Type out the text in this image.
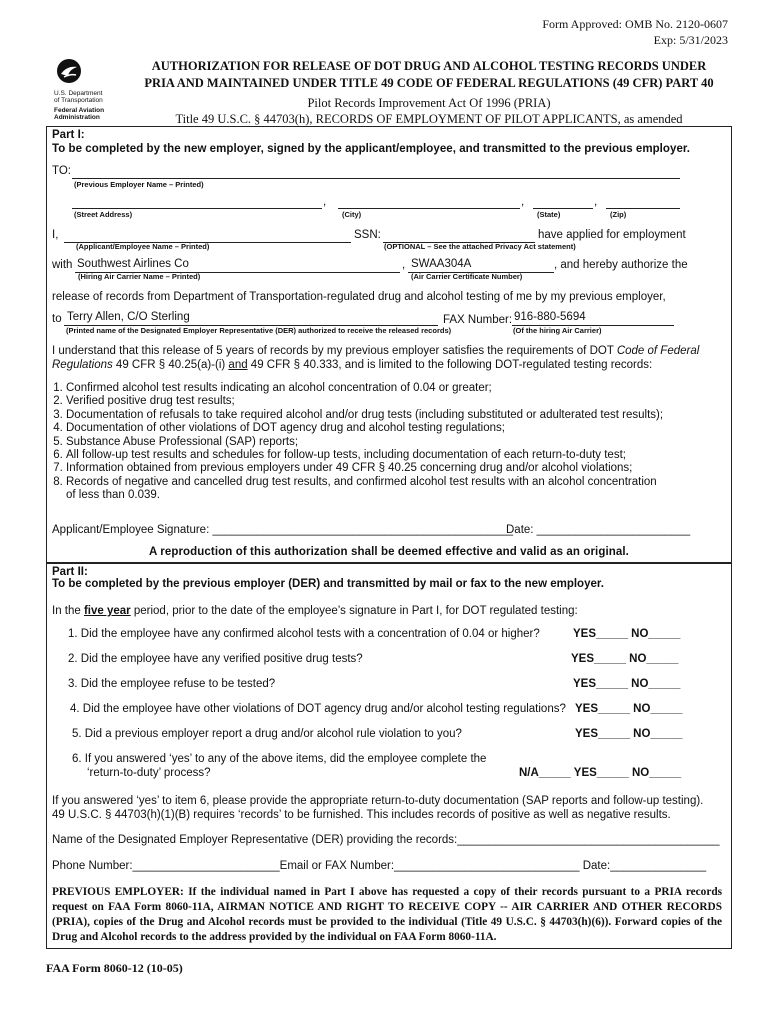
Form Approved: OMB No. 2120-0607
Exp: 5/31/2023
U.S. Department
of Transportation
Federal Aviation
Administration
AUTHORIZATION FOR RELEASE OF DOT DRUG AND ALCOHOL TESTING RECORDS UNDER
PRIA AND MAINTAINED UNDER TITLE 49 CODE OF FEDERAL REGULATIONS (49 CFR) PART 40
Pilot Records Improvement Act Of 1996 (PRIA)
Title 49 U.S.C. § 44703(h), RECORDS OF EMPLOYMENT OF PILOT APPLICANTS, as amended
Part I:
To be completed by the new employer, signed by the applicant/employee, and transmitted to the previous employer.
TO:
(Previous Employer Name – Printed)
,	,	,
(Street Address)	(City)	(State)	(Zip)
I,	SSN:	have applied for employment
(Applicant/Employee Name – Printed)	(OPTIONAL – See the attached Privacy Act statement)
with Southwest Airlines Co	, SWAA304A	, and hereby authorize the
(Hiring Air Carrier Name – Printed)	(Air Carrier Certificate Number)
release of records from Department of Transportation-regulated drug and alcohol testing of me by my previous employer,
to Terry Allen, C/O Sterling	FAX Number: 916-880-5694
(Printed name of the Designated Employer Representative (DER) authorized to receive the released records)	(Of the hiring Air Carrier)
I understand that this release of 5 years of records by my previous employer satisfies the requirements of DOT Code of Federal Regulations 49 CFR § 40.25(a)-(i) and 49 CFR § 40.333, and is limited to the following DOT-regulated testing records:
1. Confirmed alcohol test results indicating an alcohol concentration of 0.04 or greater;
2. Verified positive drug test results;
3. Documentation of refusals to take required alcohol and/or drug tests (including substituted or adulterated test results);
4. Documentation of other violations of DOT agency drug and alcohol testing regulations;
5. Substance Abuse Professional (SAP) reports;
6. All follow-up test results and schedules for follow-up tests, including documentation of each return-to-duty test;
7. Information obtained from previous employers under 49 CFR § 40.25 concerning drug and/or alcohol violations;
8. Records of negative and cancelled drug test results, and confirmed alcohol test results with an alcohol concentration of less than 0.039.
Applicant/Employee Signature: _______________________________________________
Date: ________________________
A reproduction of this authorization shall be deemed effective and valid as an original.
Part II:
To be completed by the previous employer (DER) and transmitted by mail or fax to the new employer.
In the five year period, prior to the date of the employee’s signature in Part I, for DOT regulated testing:
1. Did the employee have any confirmed alcohol tests with a concentration of 0.04 or higher?	YES_____ NO_____
2. Did the employee have any verified positive drug tests?	YES_____ NO_____
3. Did the employee refuse to be tested?	YES_____ NO_____
4. Did the employee have other violations of DOT agency drug and/or alcohol testing regulations? YES_____ NO_____
5. Did a previous employer report a drug and/or alcohol rule violation to you?	YES_____ NO_____
6. If you answered ‘yes’ to any of the above items, did the employee complete the
‘return-to-duty’ process?	N/A_____ YES_____ NO_____
If you answered ‘yes’ to item 6, please provide the appropriate return-to-duty documentation (SAP reports and follow-up testing).
49 U.S.C. § 44703(h)(1)(B) requires ‘records’ to be furnished. This includes records of positive as well as negative results.
Name of the Designated Employer Representative (DER) providing the records:_________________________________________
Phone Number:_______________________Email or FAX Number:_____________________________ Date:_______________
PREVIOUS EMPLOYER: If the individual named in Part I above has requested a copy of their records pursuant to a PRIA records request on FAA Form 8060-11A, AIRMAN NOTICE AND RIGHT TO RECEIVE COPY -- AIR CARRIER AND OTHER RECORDS (PRIA), copies of the Drug and Alcohol records must be provided to the individual (Title 49 U.S.C. § 44703(h)(6)). Forward copies of the Drug and Alcohol records to the address provided by the individual on FAA Form 8060-11A.
FAA Form 8060-12 (10-05)
